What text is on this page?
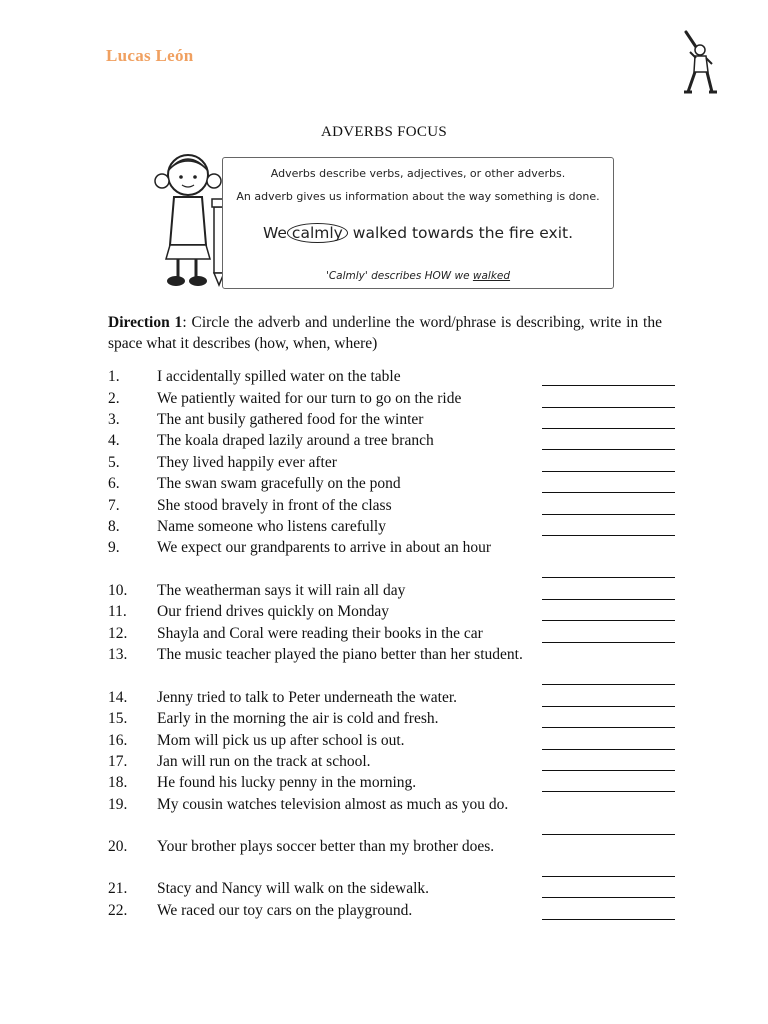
Lucas León
ADVERBS FOCUS
Adverbs describe verbs, adjectives, or other adverbs.
An adverb gives us information about the way something is done.
We calmly walked towards the fire exit.
'Calmly' describes HOW we walked
Direction 1: Circle the adverb and underline the word/phrase is describing, write in the space what it describes (how, when, where)
1.	I accidentally spilled water on the table
2.	We patiently waited for our turn to go on the ride
3.	The ant busily gathered food for the winter
4.	The koala draped lazily around a tree branch
5.	They lived happily ever after
6.	The swan swam gracefully on the pond
7.	She stood bravely in front of the class
8.	Name someone who listens carefully
9.	We expect our grandparents to arrive in about an hour
10.	The weatherman says it will rain all day
11.	Our friend drives quickly on Monday
12.	Shayla and Coral were reading their books in the car
13.	The music teacher played the piano better than her student.
14.	Jenny tried to talk to Peter underneath the water.
15.	Early in the morning the air is cold and fresh.
16.	Mom will pick us up after school is out.
17.	Jan will run on the track at school.
18.	He found his lucky penny in the morning.
19.	My cousin watches television almost as much as you do.
20.	Your brother plays soccer better than my brother does.
21.	Stacy and Nancy will walk on the sidewalk.
22.	We raced our toy cars on the playground.
